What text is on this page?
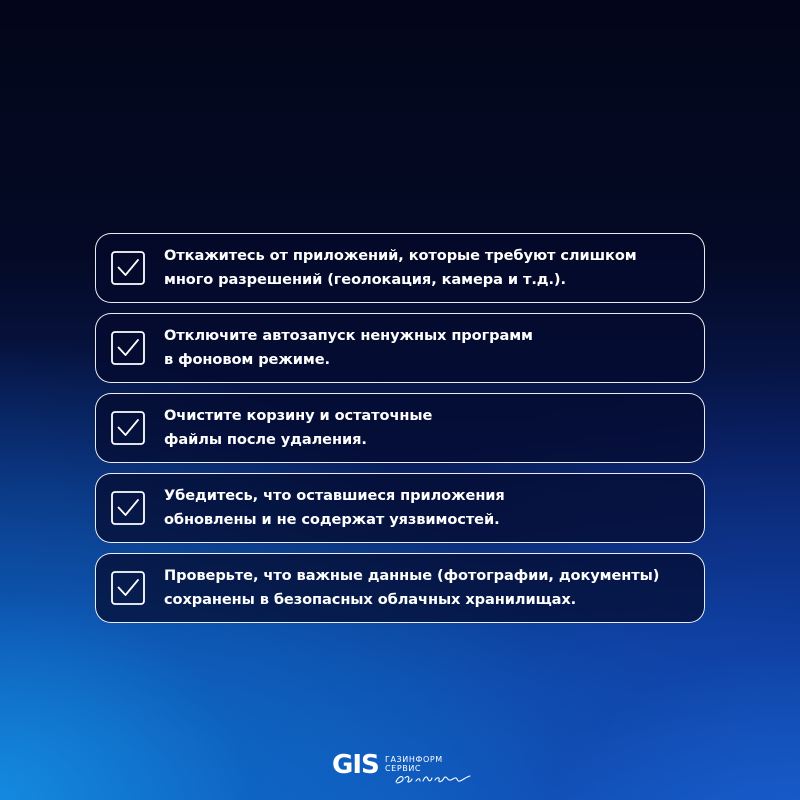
Откажитесь от приложений, которые требуют слишком
много разрешений (геолокация, камера и т.д.).
Отключите автозапуск ненужных программ
в фоновом режиме.
Очистите корзину и остаточные
файлы после удаления.
Убедитесь, что оставшиеся приложения
обновлены и не содержат уязвимостей.
Проверьте, что важные данные (фотографии, документы)
сохранены в безопасных облачных хранилищах.
GIS ГАЗИНФОРМ
СЕРВИС
